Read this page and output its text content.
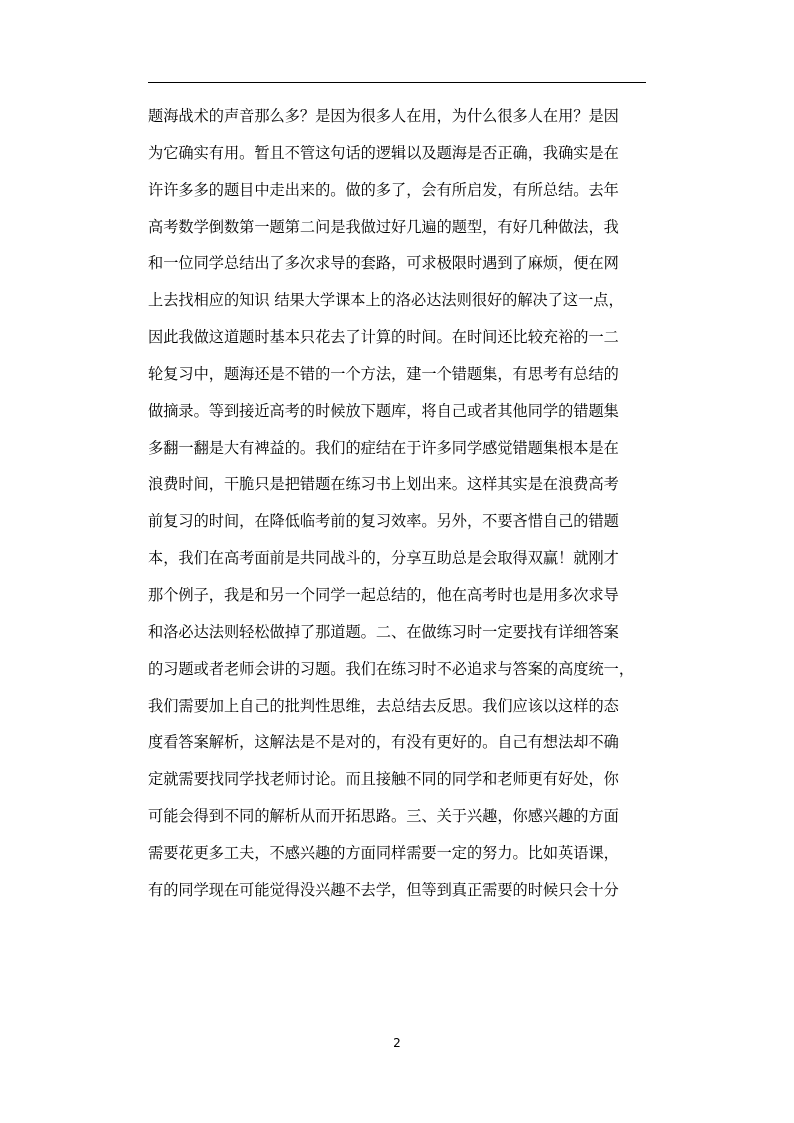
题海战术的声音那么多？是因为很多人在用，为什么很多人在用？是因
为它确实有用。暂且不管这句话的逻辑以及题海是否正确，我确实是在
许许多多的题目中走出来的。做的多了，会有所启发，有所总结。去年
高考数学倒数第一题第二问是我做过好几遍的题型，有好几种做法，我
和一位同学总结出了多次求导的套路，可求极限时遇到了麻烦，便在网
上去找相应的知识 结果大学课本上的洛必达法则很好的解决了这一点，
因此我做这道题时基本只花去了计算的时间。在时间还比较充裕的一二
轮复习中，题海还是不错的一个方法，建一个错题集，有思考有总结的
做摘录。等到接近高考的时候放下题库，将自己或者其他同学的错题集
多翻一翻是大有裨益的。我们的症结在于许多同学感觉错题集根本是在
浪费时间，干脆只是把错题在练习书上划出来。这样其实是在浪费高考
前复习的时间，在降低临考前的复习效率。另外，不要吝惜自己的错题
本，我们在高考面前是共同战斗的，分享互助总是会取得双赢！就刚才
那个例子，我是和另一个同学一起总结的，他在高考时也是用多次求导
和洛必达法则轻松做掉了那道题。二、在做练习时一定要找有详细答案
的习题或者老师会讲的习题。我们在练习时不必追求与答案的高度统一，
我们需要加上自己的批判性思维，去总结去反思。我们应该以这样的态
度看答案解析，这解法是不是对的，有没有更好的。自己有想法却不确
定就需要找同学找老师讨论。而且接触不同的同学和老师更有好处，你
可能会得到不同的解析从而开拓思路。三、关于兴趣，你感兴趣的方面
需要花更多工夫，不感兴趣的方面同样需要一定的努力。比如英语课，
有的同学现在可能觉得没兴趣不去学，但等到真正需要的时候只会十分
2
